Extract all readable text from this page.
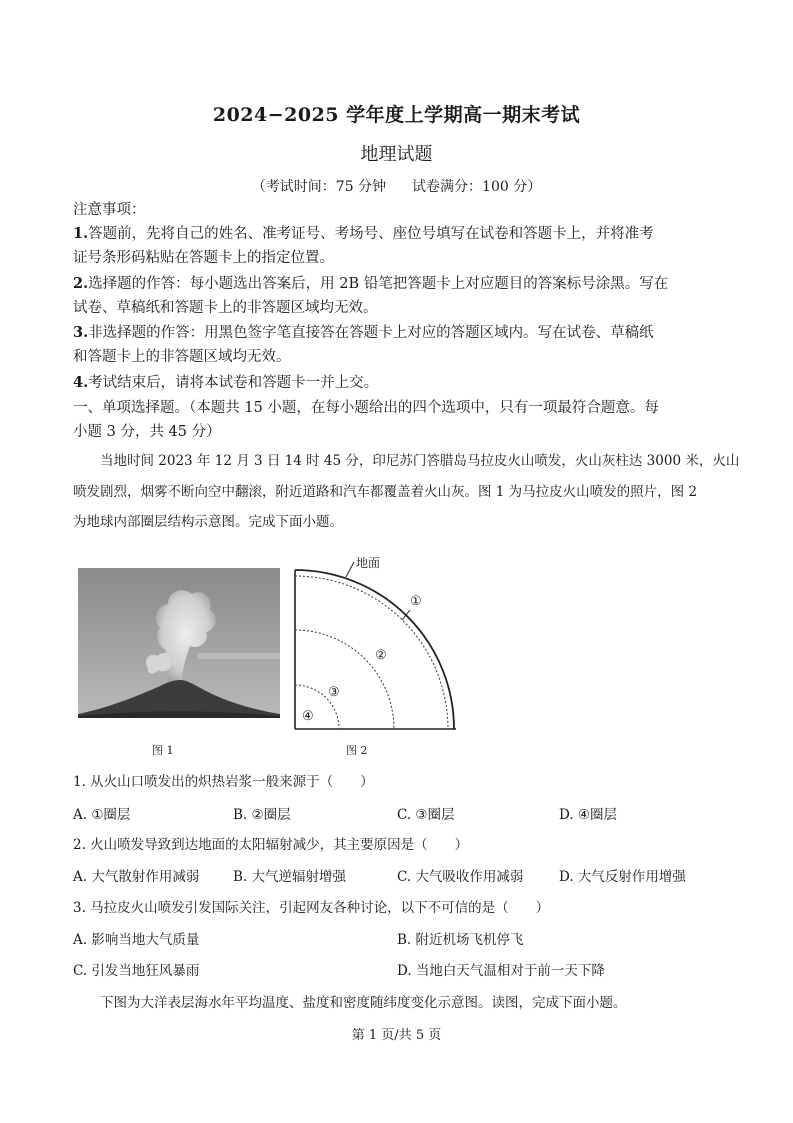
2024−2025 学年度上学期高一期末考试
地理试题
（考试时间：75 分钟 试卷满分：100 分）
注意事项：
1.答题前，先将自己的姓名、准考证号、考场号、座位号填写在试卷和答题卡上，并将准考
证号条形码粘贴在答题卡上的指定位置。
2.选择题的作答：每小题选出答案后，用 2B 铅笔把答题卡上对应题目的答案标号涂黑。写在
试卷、草稿纸和答题卡上的非答题区域均无效。
3.非选择题的作答：用黑色签字笔直接答在答题卡上对应的答题区域内。写在试卷、草稿纸
和答题卡上的非答题区域均无效。
4.考试结束后，请将本试卷和答题卡一并上交。
一、单项选择题。（本题共 15 小题，在每小题给出的四个选项中，只有一项最符合题意。每
小题 3 分，共 45 分）
当地时间 2023 年 12 月 3 日 14 时 45 分，印尼苏门答腊岛马拉皮火山喷发，火山灰柱达 3000 米，火山
喷发剧烈，烟雾不断向空中翻滚，附近道路和汽车都覆盖着火山灰。图 1 为马拉皮火山喷发的照片，图 2
为地球内部圈层结构示意图。完成下面小题。
地面
①
②
③
④
图 1	图 2
1. 从火山口喷发出的炽热岩浆一般来源于（　　）
A. ①圈层	B. ②圈层	C. ③圈层	D. ④圈层
2. 火山喷发导致到达地面的太阳辐射减少，其主要原因是（　　）
A. 大气散射作用减弱 B. 大气逆辐射增强	C. 大气吸收作用减弱	D. 大气反射作用增强
3. 马拉皮火山喷发引发国际关注，引起网友各种讨论，以下不可信的是（　　）
A. 影响当地大气质量	B. 附近机场飞机停飞
C. 引发当地狂风暴雨	D. 当地白天气温相对于前一天下降
下图为大洋表层海水年平均温度、盐度和密度随纬度变化示意图。读图，完成下面小题。
第 1 页/共 5 页
